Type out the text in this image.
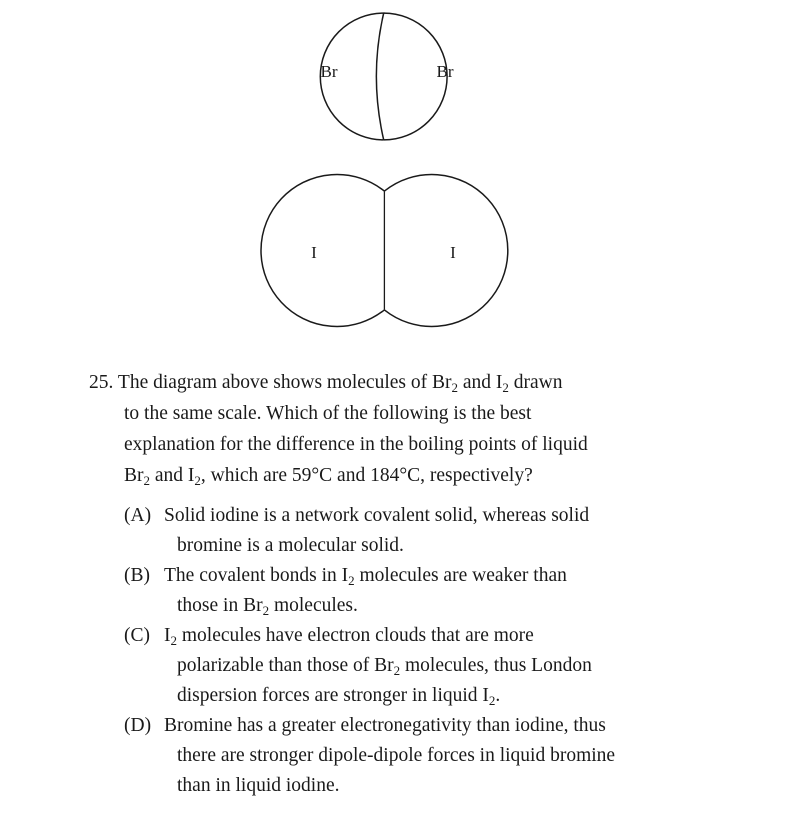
Br	Br
I	I
25. The diagram above shows molecules of $Br_2$ and $I_2$ drawn
to the same scale. Which of the following is the best
explanation for the difference in the boiling points of liquid
$Br_2$ and $I_2$, which are 59°C and 184°C, respectively?
(A) Solid iodine is a network covalent solid, whereas solid
bromine is a molecular solid.
(B) The covalent bonds in $I_2$ molecules are weaker than
those in $Br_2$ molecules.
(C) $I_2$ molecules have electron clouds that are more
polarizable than those of $Br_2$ molecules, thus London
dispersion forces are stronger in liquid $I_2$.
(D) Bromine has a greater electronegativity than iodine, thus
there are stronger dipole-dipole forces in liquid bromine
than in liquid iodine.
